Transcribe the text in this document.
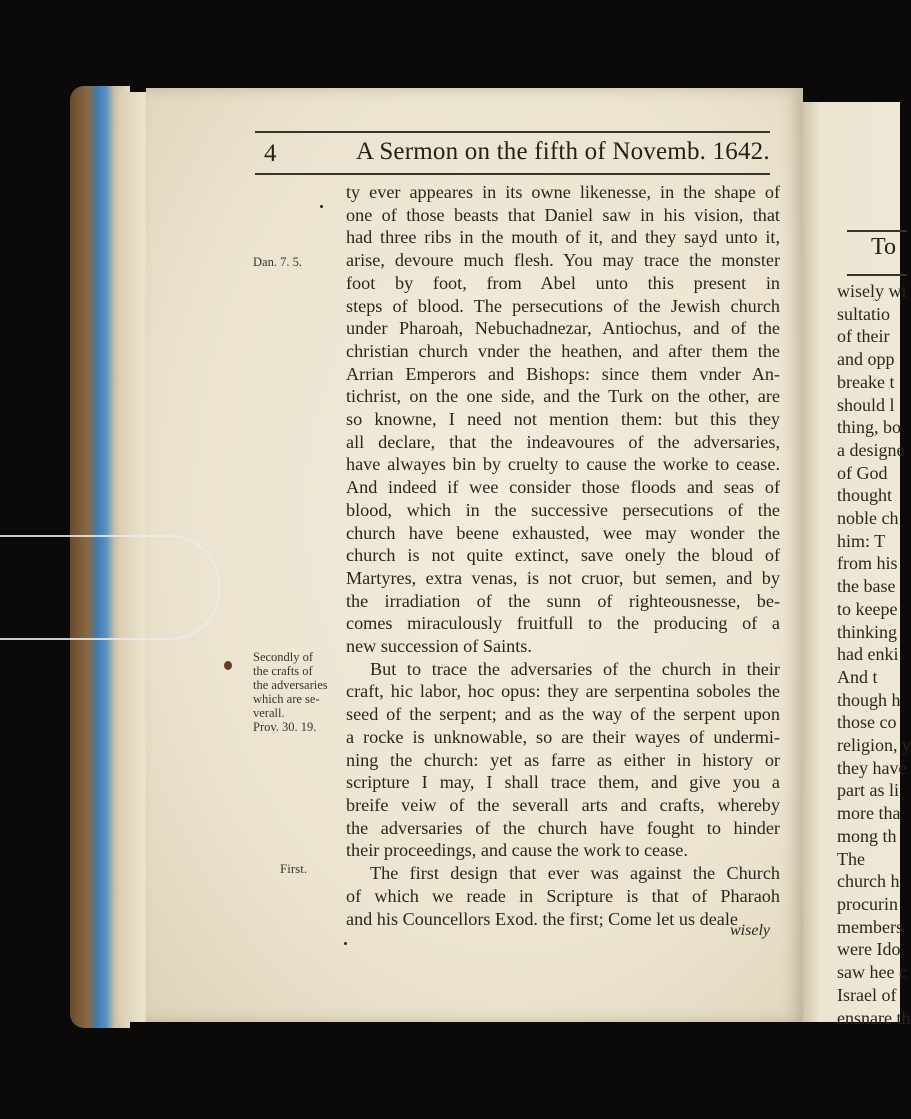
To
wisely wi
sultatio
of their
and opp
breake t
should l
thing, bo
a designe
of God
thought
noble ch
him: T
from his
the base
to keepe
thinking
had enki
And t
though h
those co
religion, y
they have
part as li
more tha
mong th
The
church h
procurin
members
were Ido
saw hee c
Israel of
ensnare th
4	A Sermon on the fifth of Novemb. 1642.
Dan. 7. 5.
Secondly of
the crafts of
the adversaries
which are se-
verall.
Prov. 30. 19.
First.
ty ever appeares in its owne likenesse, in the shape of
one of those beasts that Daniel saw in his vision, that
had three ribs in the mouth of it, and they sayd unto it,
arise, devoure much flesh. You may trace the monster
foot by foot, from Abel unto this present in
steps of blood. The persecutions of the Jewish church
under Pharoah, Nebuchadnezar, Antiochus, and of the
christian church vnder the heathen, and after them the
Arrian Emperors and Bishops: since them vnder An-
tichrist, on the one side, and the Turk on the other, are
so knowne, I need not mention them: but this they
all declare, that the indeavoures of the adversaries,
have alwayes bin by cruelty to cause the worke to cease.
And indeed if wee consider those floods and seas of
blood, which in the successive persecutions of the
church have beene exhausted, wee may wonder the
church is not quite extinct, save onely the bloud of
Martyres, extra venas, is not cruor, but semen, and by
the irradiation of the sunn of righteousnesse, be-
comes miraculously fruitfull to the producing of a
new succession of Saints.
But to trace the adversaries of the church in their
craft, hic labor, hoc opus: they are serpentina soboles the
seed of the serpent; and as the way of the serpent upon
a rocke is unknowable, so are their wayes of undermi-
ning the church: yet as farre as either in history or
scripture I may, I shall trace them, and give you a
breife veiw of the severall arts and crafts, whereby
the adversaries of the church have fought to hinder
their proceedings, and cause the work to cease.
The first design that ever was against the Church
of which we reade in Scripture is that of Pharaoh
and his Councellors Exod. the first; Come let us deale
wisely
